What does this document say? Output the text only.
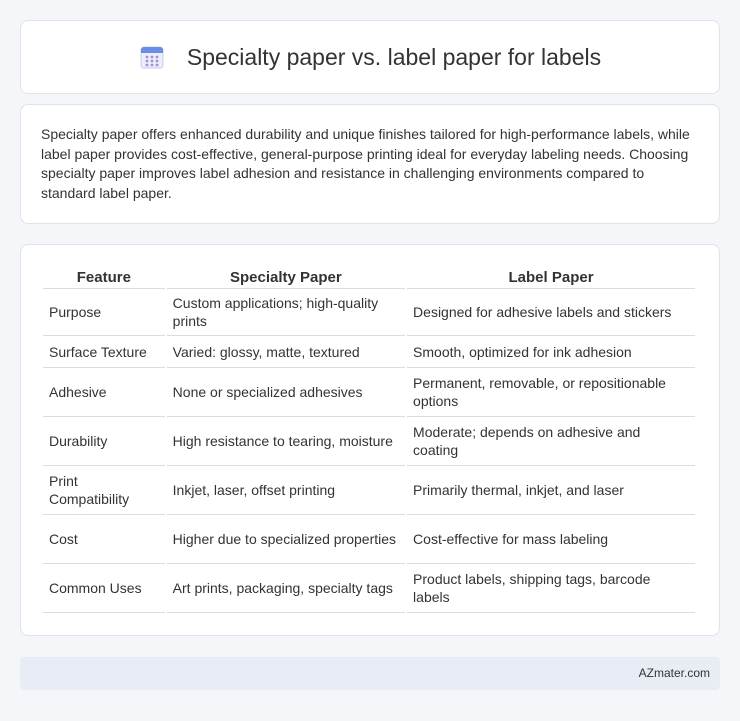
Specialty paper vs. label paper for labels

Specialty paper offers enhanced durability and unique finishes tailored for high-performance labels, while label paper provides cost-effective, general-purpose printing ideal for everyday labeling needs. Choosing specialty paper improves label adhesion and resistance in challenging environments compared to standard label paper.

Feature	Specialty Paper	Label Paper
Purpose	Custom applications; high-quality prints	Designed for adhesive labels and stickers
Surface Texture	Varied: glossy, matte, textured	Smooth, optimized for ink adhesion
Adhesive	None or specialized adhesives	Permanent, removable, or repositionable options
Durability	High resistance to tearing, moisture	Moderate; depends on adhesive and coating
Print Compatibility	Inkjet, laser, offset printing	Primarily thermal, inkjet, and laser
Cost	Higher due to specialized properties	Cost-effective for mass labeling
Common Uses	Art prints, packaging, specialty tags	Product labels, shipping tags, barcode labels
AZmater.com
